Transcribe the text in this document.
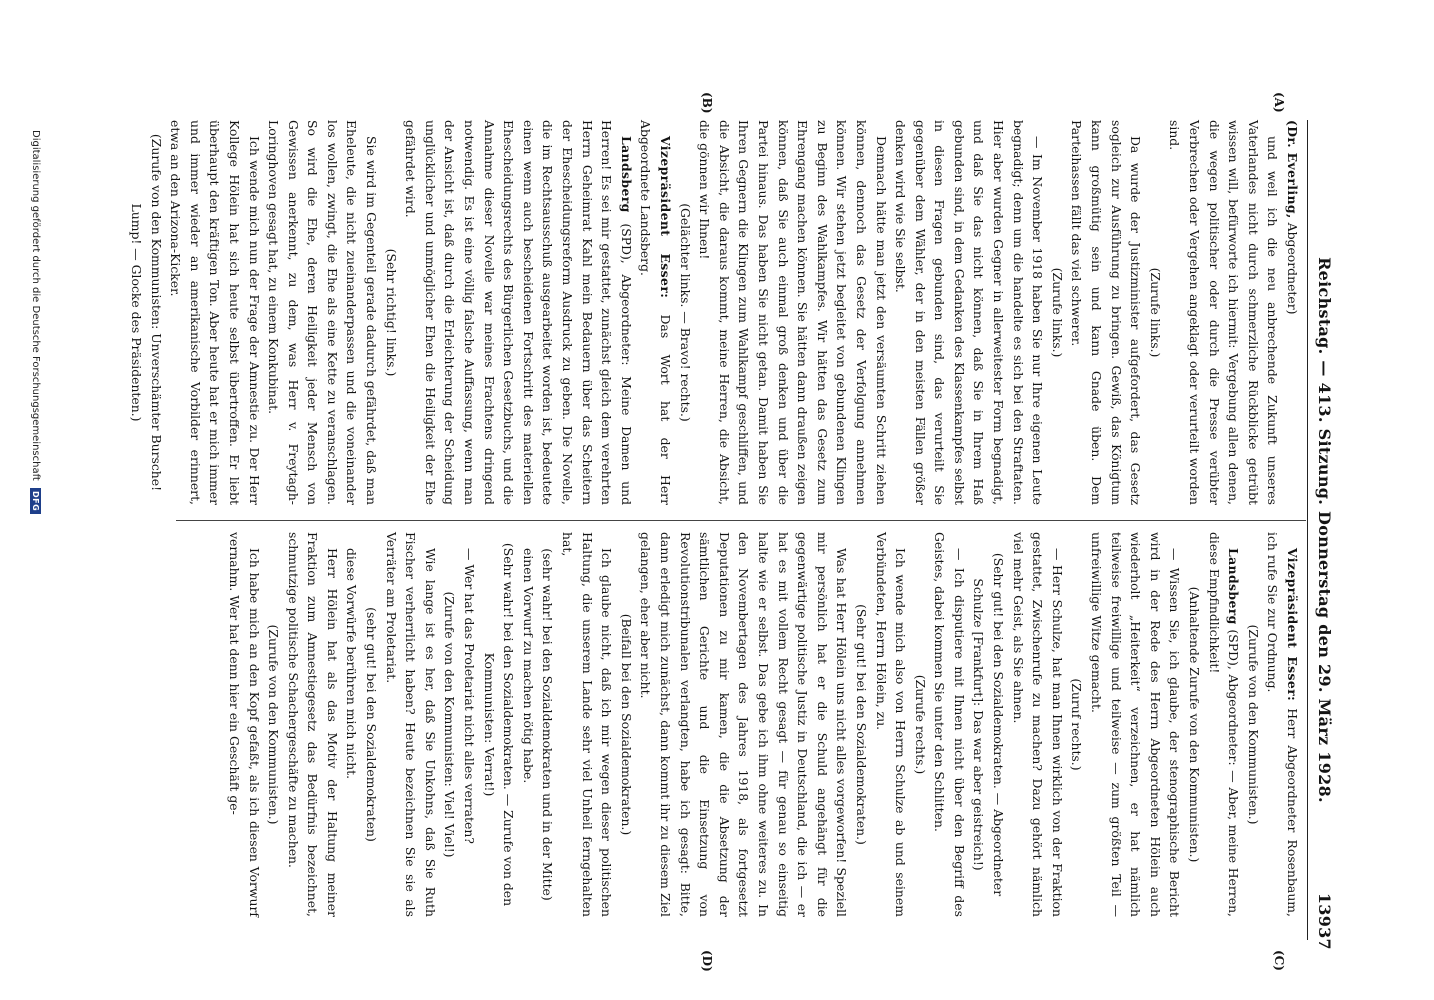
Reichstag. — 413. Sitzung. Donnerstag den 29. März 1928.
13937
(A)
(B)
(C)
(D)

(Dr. Everling, Abgeordneter)

und weil ich die neu anbrechende Zukunft unseres Vaterlandes nicht durch schmerzliche Rückblicke getrübt wissen will, befürworte ich hiermit: Vergebung allen denen, die wegen politischer oder durch die Presse verübter Verbrechen oder Vergehen angeklagt oder verurteilt worden sind.

(Zurufe links.)

Da wurde der Justizminister aufgefordert, das Gesetz sogleich zur Ausführung zu bringen. Gewiß, das Königtum kann großmütig sein und kann Gnade üben. Dem Parteihassen fällt das viel schwerer.

(Zurufe links.)

— Im November 1918 haben Sie nur Ihre eigenen Leute begnadigt; denn um die handelte es sich bei den Straftaten. Hier aber wurden Gegner in allerweitester Form begnadigt, und daß Sie das nicht können, daß Sie in Ihrem Haß gebunden sind, in dem Gedanken des Klassenkampfes selbst in diesen Fragen gebunden sind, das verurteilt Sie gegenüber dem Wähler, der in den meisten Fällen größer denken wird wie Sie selbst.

Demnach hätte man jetzt den versäumten Schritt ziehen können, dennoch das Gesetz der Verfolgung annehmen können. Wir stehen jetzt begleitet von gebundenen Klingen zu Beginn des Wahlkampfes. Wir hätten das Gesetz zum Ehrengang machen können. Sie hätten dann draußen zeigen können, daß Sie auch einmal groß denken und über die Partei hinaus. Das haben Sie nicht getan. Damit haben Sie Ihren Gegnern die Klingen zum Wahlkampf geschliffen, und die Absicht, die daraus kommt, meine Herren, die Absicht, die gönnen wir Ihnen!

(Gelächter links. — Bravo! rechts.)

Vizepräsident Esser: Das Wort hat der Herr Abgeordnete Landsberg.

Landsberg (SPD), Abgeordneter: Meine Damen und Herren! Es sei mir gestattet, zunächst gleich dem verehrten Herrn Geheimrat Kahl mein Bedauern über das Scheitern der Ehescheidungsreform Ausdruck zu geben. Die Novelle, die im Rechtsausschuß ausgearbeitet worden ist, bedeutete einen wenn auch bescheidenen Fortschritt des materiellen Ehescheidungsrechts des Bürgerlichen Gesetzbuchs, und die Annahme dieser Novelle war meines Erachtens dringend notwendig. Es ist eine völlig falsche Auffassung, wenn man der Ansicht ist, daß durch die Erleichterung der Scheidung unglücklicher und unmöglicher Ehen die Heiligkeit der Ehe gefährdet wird.

(Sehr richtig! links.)

Sie wird im Gegenteil gerade dadurch gefährdet, daß man Eheleute, die nicht zueinanderpassen und die voneinander los wollen, zwingt, die Ehe als eine Kette zu veranschlagen. So wird die Ehe, deren Heiligkeit jeder Mensch von Gewissen anerkennt, zu dem, was Herr v. Freytagh-Loringhoven gesagt hat, zu einem Konkubinat.

Ich wende mich nun der Frage der Amnestie zu. Der Herr Kollege Hölein hat sich heute selbst übertroffen. Er liebt überhaupt den kräftigen Ton. Aber heute hat er mich immer und immer wieder an amerikanische Vorbilder erinnert, etwa an den Arizona-Kicker.

(Zurufe von den Kommunisten: Unverschämter Bursche! Lump! — Glocke des Präsidenten.)

Vizepräsident Esser: Herr Abgeordneter Rosenbaum, ich rufe Sie zur Ordnung.

(Zurufe von den Kommunisten.)

Landsberg (SPD), Abgeordneter: — Aber, meine Herren, diese Empfindlichkeit!

(Anhaltende Zurufe von den Kommunisten.)

— Wissen Sie, ich glaube, der stenographische Bericht wird in der Rede des Herrn Abgeordneten Hölein auch wiederholt „Heiterkeit“ verzeichnen, er hat nämlich teilweise freiwillige und teilweise — zum größten Teil — unfreiwillige Witze gemacht.

(Zuruf rechts.)

— Herr Schulze, hat man Ihnen wirklich von der Fraktion gestattet, Zwischenrufe zu machen? Dazu gehört nämlich viel mehr Geist, als Sie ahnen.

(Sehr gut! bei den Sozialdemokraten. — Abgeordneter Schulze [Frankfurt]: Das war aber geistreich!)

— Ich disputiere mit Ihnen nicht über den Begriff des Geistes, dabei kommen Sie unter den Schlitten.

(Zurufe rechts.)

Ich wende mich also von Herrn Schulze ab und seinem Verbündeten, Herrn Hölein, zu.

(Sehr gut! bei den Sozialdemokraten.)

Was hat Herr Hölein uns nicht alles vorgeworfen! Speziell mir persönlich hat er die Schuld angehängt für die gegenwärtige politische Justiz in Deutschland, die ich — er hat es mit vollem Recht gesagt — für genau so einseitig halte wie er selbst. Das gebe ich ihm ohne weiteres zu. In den Novembertagen des Jahres 1918, als fortgesetzt Deputationen zu mir kamen, die die Absetzung der sämtlichen Gerichte und die Einsetzung von Revolutionstribunalen verlangten, habe ich gesagt: Bitte, dann erledigt mich zunächst, dann kommt ihr zu diesem Ziel gelangen, eher aber nicht.

(Beifall bei den Sozialdemokraten.)

Ich glaube nicht, daß ich mir wegen dieser politischen Haltung, die unserem Lande sehr viel Unheil ferngehalten hat,

(sehr wahr! bei den Sozialdemokraten und in der Mitte)

einen Vorwurf zu machen nötig habe.

(Sehr wahr! bei den Sozialdemokraten. — Zurufe von den Kommunisten: Verrat!)

— Wer hat das Proletariat nicht alles verraten?

(Zurufe von den Kommunisten: Viel! Viel!)

Wie lange ist es her, daß Sie Unkohns, daß Sie Ruth Fischer verherrlicht haben? Heute bezeichnen Sie sie als Verräter am Proletariat.

(sehr gut! bei den Sozialdemokraten)

diese Vorwürfe berühren mich nicht.

Herr Hölein hat als das Motiv der Haltung meiner Fraktion zum Amnestiegesetz das Bedürfnis bezeichnet, schmutzige politische Schachergeschäfte zu machen.

(Zurufe von den Kommunisten.)

Ich habe mich an den Kopf gefaßt, als ich diesen Vorwurf vernahm. Wer hat denn hier ein Geschäft ge-

Digitalisierung gefördert durch die Deutsche Forschungsgemeinschaft DFG
